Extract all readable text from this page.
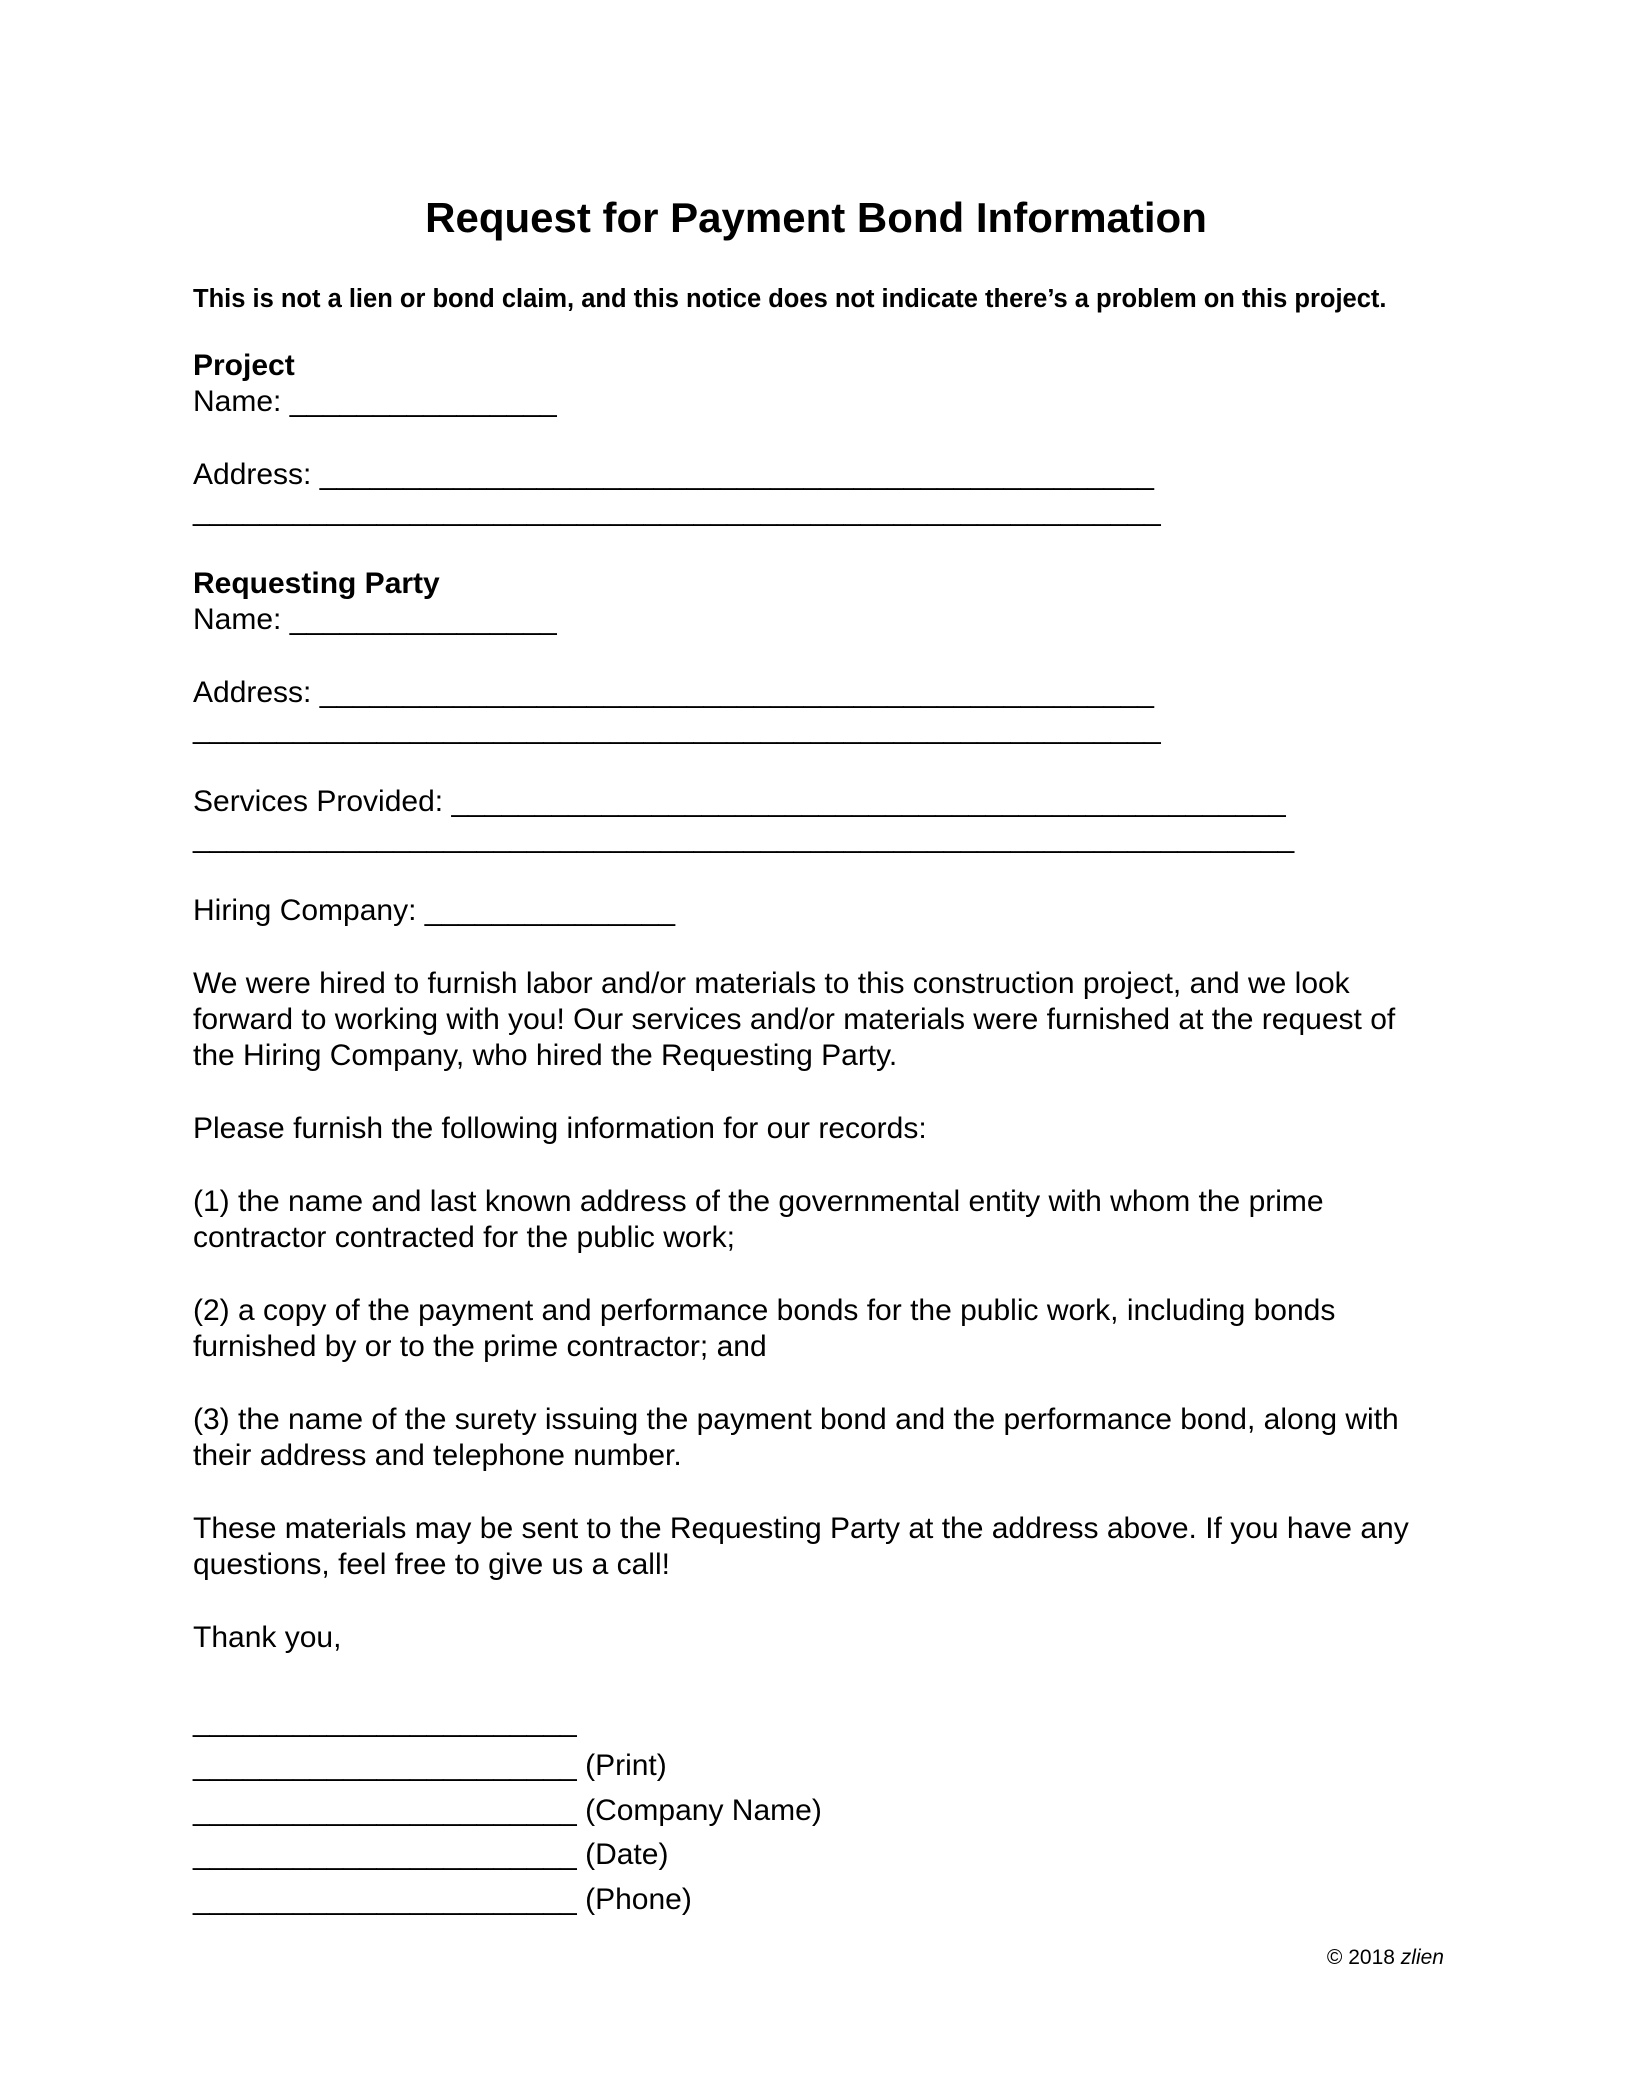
Request for Payment Bond Information
This is not a lien or bond claim, and this notice does not indicate there’s a problem on this project.
Project
Name: ________________
Address: __________________________________________________
__________________________________________________________
Requesting Party
Name: ________________
Address: __________________________________________________
__________________________________________________________
Services Provided: __________________________________________________
__________________________________________________________________
Hiring Company: _______________
We were hired to furnish labor and/or materials to this construction project, and we look forward to working with you! Our services and/or materials were furnished at the request of the Hiring Company, who hired the Requesting Party.
Please furnish the following information for our records:
(1) the name and last known address of the governmental entity with whom the prime contractor contracted for the public work;
(2) a copy of the payment and performance bonds for the public work, including bonds furnished by or to the prime contractor; and
(3) the name of the surety issuing the payment bond and the performance bond, along with their address and telephone number.
These materials may be sent to the Requesting Party at the address above. If you have any questions, feel free to give us a call!
Thank you,
_______________________
_______________________ (Print)
_______________________ (Company Name)
_______________________ (Date)
_______________________ (Phone)
© 2018 zlien
